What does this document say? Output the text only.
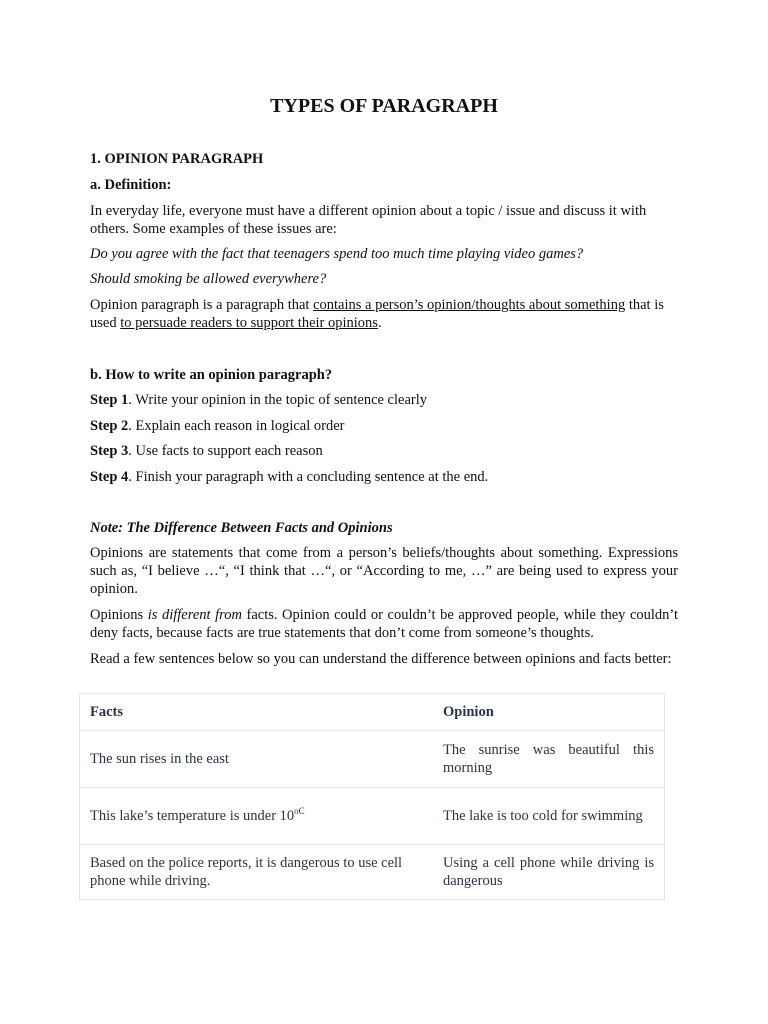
TYPES OF PARAGRAPH

1. OPINION PARAGRAPH

a. Definition:

In everyday life, everyone must have a different opinion about a topic / issue and discuss it with others. Some examples of these issues are:

Do you agree with the fact that teenagers spend too much time playing video games?

Should smoking be allowed everywhere?

Opinion paragraph is a paragraph that contains a person’s opinion/thoughts about something that is used to persuade readers to support their opinions.

b. How to write an opinion paragraph?

Step 1. Write your opinion in the topic of sentence clearly

Step 2. Explain each reason in logical order

Step 3. Use facts to support each reason

Step 4. Finish your paragraph with a concluding sentence at the end.

Note: The Difference Between Facts and Opinions

Opinions are statements that come from a person’s beliefs/thoughts about something. Expressions such as, “I believe …“, “I think that …“, or “According to me, …” are being used to express your opinion.

Opinions is different from facts. Opinion could or couldn’t be approved people, while they couldn’t deny facts, because facts are true statements that don’t come from someone’s thoughts.

Read a few sentences below so you can understand the difference between opinions and facts better:

Facts	Opinion
The sun rises in the east	The sunrise was beautiful this morning
This lake’s temperature is under $10^{oC}$	The lake is too cold for swimming
Based on the police reports, it is dangerous to use cell phone while driving.	Using a cell phone while driving is dangerous
